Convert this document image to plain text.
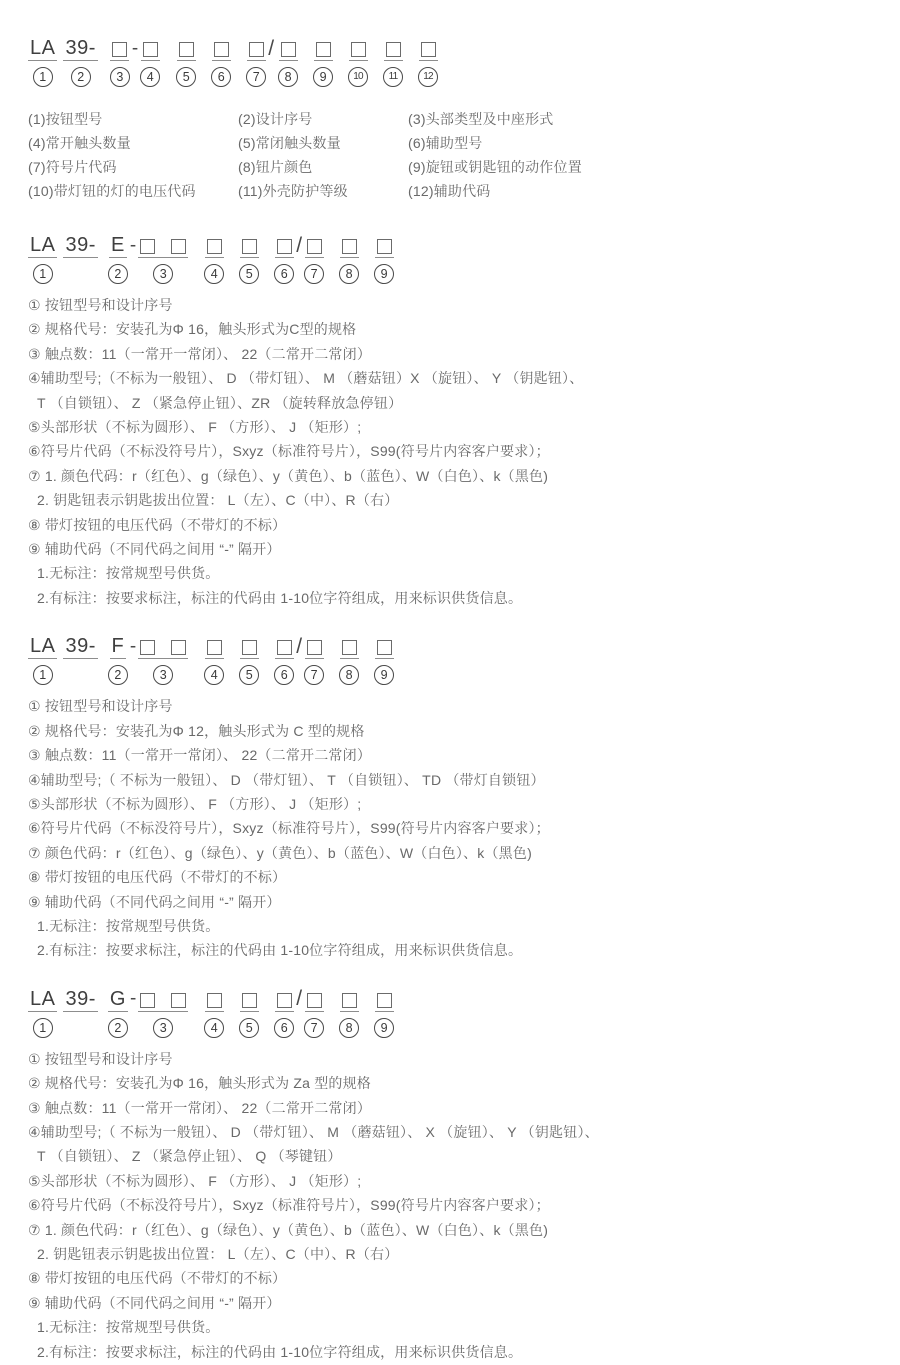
LA
1
39-
2	3
-
4	5	6	7
/
8	9	10	11	12
(1)按钮型号	(2)设计序号	(3)头部类型及中座形式
(4)常开触头数量	(5)常闭触头数量	(6)辅助型号
(7)符号片代码	(8)钮片颜色	(9)旋钮或钥匙钮的动作位置
(10)带灯钮的灯的电压代码	(11)外壳防护等级	(12)辅助代码
LA
1
39- E
2
-
3	4	5	6
/
7	8	9
① 按钮型号和设计序号
② 规格代号：安装孔为Φ 16，触头形式为C型的规格
③ 触点数：11（一常开一常闭）、 22（二常开二常闭）
④辅助型号;（不标为一般钮）、 D （带灯钮）、 M （蘑菇钮）X （旋钮）、 Y （钥匙钮）、
T （自锁钮）、 Z （紧急停止钮）、ZR （旋转释放急停钮）
⑤头部形状（不标为圆形）、 F （方形）、 J （矩形）;
⑥符号片代码（不标没符号片），Sxyz（标准符号片），S99(符号片内容客户要求）；
⑦ 1. 颜色代码：r（红色）、g（绿色）、y（黄色）、b（蓝色）、W（白色）、k（黑色)
2. 钥匙钮表示钥匙拔出位置： L（左）、C（中）、R（右）
⑧ 带灯按钮的电压代码（不带灯的不标）
⑨ 辅助代码（不同代码之间用 “-” 隔开）
1.无标注：按常规型号供货。
2.有标注：按要求标注，标注的代码由 1-10位字符组成，用来标识供货信息。
LA
1
39- F
2
-
3	4	5	6
/
7	8	9
① 按钮型号和设计序号
② 规格代号：安装孔为Φ 12，触头形式为 C 型的规格
③ 触点数：11（一常开一常闭）、 22（二常开二常闭）
④辅助型号;（ 不标为一般钮）、 D （带灯钮）、 T （自锁钮）、 TD （带灯自锁钮）
⑤头部形状（不标为圆形）、 F （方形）、 J （矩形）;
⑥符号片代码（不标没符号片），Sxyz（标准符号片），S99(符号片内容客户要求）；
⑦ 颜色代码：r（红色）、g（绿色）、y（黄色）、b（蓝色）、W（白色）、k（黑色)
⑧ 带灯按钮的电压代码（不带灯的不标）
⑨ 辅助代码（不同代码之间用 “-” 隔开）
1.无标注：按常规型号供货。
2.有标注：按要求标注，标注的代码由 1-10位字符组成，用来标识供货信息。
LA
1
39- G
2
-
3	4	5	6
/
7	8	9
① 按钮型号和设计序号
② 规格代号：安装孔为Φ 16，触头形式为 Za 型的规格
③ 触点数：11（一常开一常闭）、 22（二常开二常闭）
④辅助型号;（ 不标为一般钮）、 D （带灯钮）、 M （蘑菇钮）、 X （旋钮）、 Y （钥匙钮）、
T （自锁钮）、 Z （紧急停止钮）、 Q （琴键钮）
⑤头部形状（不标为圆形）、 F （方形）、 J （矩形）;
⑥符号片代码（不标没符号片），Sxyz（标准符号片），S99(符号片内容客户要求）；
⑦ 1. 颜色代码：r（红色）、g（绿色）、y（黄色）、b（蓝色）、W（白色）、k（黑色)
2. 钥匙钮表示钥匙拔出位置： L（左）、C（中）、R（右）
⑧ 带灯按钮的电压代码（不带灯的不标）
⑨ 辅助代码（不同代码之间用 “-” 隔开）
1.无标注：按常规型号供货。
2.有标注：按要求标注，标注的代码由 1-10位字符组成，用来标识供货信息。
